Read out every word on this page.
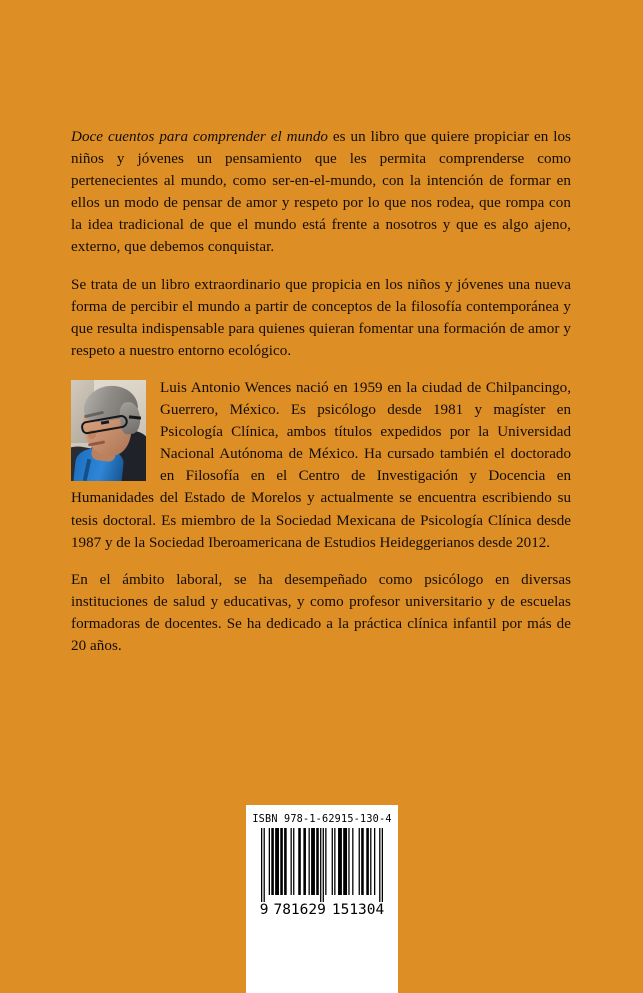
Doce cuentos para comprender el mundo es un libro que quiere propiciar en los niños y jóvenes un pensamiento que les permita comprenderse como pertenecientes al mundo, como ser-en-el-mundo, con la intención de formar en ellos un modo de pensar de amor y respeto por lo que nos rodea, que rompa con la idea tradicional de que el mundo está frente a nosotros y que es algo ajeno, externo, que debemos conquistar.

Se trata de un libro extraordinario que propicia en los niños y jóvenes una nueva forma de percibir el mundo a partir de conceptos de la filosofía contemporánea y que resulta indispensable para quienes quieran fomentar una formación de amor y respeto a nuestro entorno ecológico.

Luis Antonio Wences nació en 1959 en la ciudad de Chilpancingo, Guerrero, México. Es psicólogo desde 1981 y magíster en Psicología Clínica, ambos títulos expedidos por la Universidad Nacional Autónoma de México. Ha cursado también el doctorado en Filosofía en el Centro de Investigación y Docencia en Humanidades del Estado de Morelos y actualmente se encuentra escribiendo su tesis doctoral. Es miembro de la Sociedad Mexicana de Psicología Clínica desde 1987 y de la Sociedad Iberoamericana de Estudios Heideggerianos desde 2012.

En el ámbito laboral, se ha desempeñado como psicólogo en diversas instituciones de salud y educativas, y como profesor universitario y de escuelas formadoras de docentes. Se ha dedicado a la práctica clínica infantil por más de 20 años.

ISBN 978-1-62915-130-4

9 781629 151304
